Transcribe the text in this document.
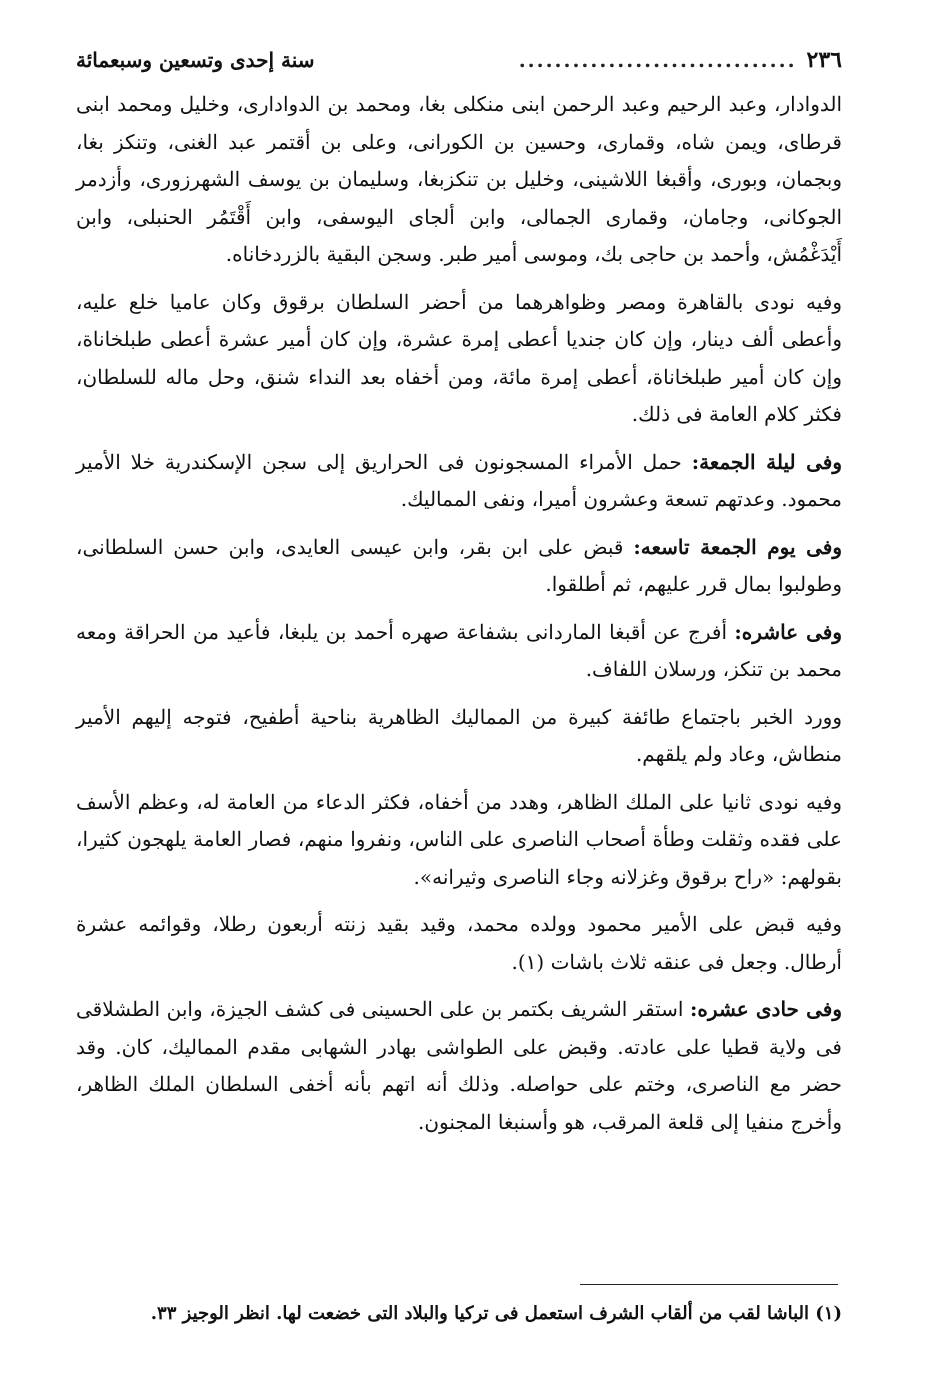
٢٣٦
...............................
سنة إحدى وتسعين وسبعمائة

الدوادار، وعبد الرحيم وعبد الرحمن ابنى منكلى بغا، ومحمد بن الدواداری، وخليل ومحمد ابنى قرطاى، ويمن شاه، وقمارى، وحسين بن الكورانى، وعلى بن أقتمر عبد الغنى، وتنكز بغا، وبجمان، وبورى، وأقبغا اللاشينى، وخليل بن تنكزبغا، وسليمان بن يوسف الشهرزورى، وأزدمر الجوكانى، وجامان، وقمارى الجمالى، وابن ألجاى اليوسفى، وابن أَقْتَمُر الحنبلى، وابن أَيْدَغْمُش، وأحمد بن حاجى بك، وموسى أمير طبر. وسجن البقية بالزردخاناه.

وفيه نودى بالقاهرة ومصر وظواهرهما من أحضر السلطان برقوق وكان عاميا خلع عليه، وأعطى ألف دينار، وإن كان جنديا أعطى إمرة عشرة، وإن كان أمير عشرة أعطى طبلخاناة، وإن كان أمير طبلخاناة، أعطى إمرة مائة، ومن أخفاه بعد النداء شنق، وحل ماله للسلطان، فكثر كلام العامة فى ذلك.

وفى ليلة الجمعة: حمل الأمراء المسجونون فى الحراريق إلى سجن الإسكندرية خلا الأمير محمود. وعدتهم تسعة وعشرون أميرا، ونفى المماليك.

وفى يوم الجمعة تاسعه: قبض على ابن بقر، وابن عيسى العايدى، وابن حسن السلطانى، وطولبوا بمال قرر عليهم، ثم أطلقوا.

وفى عاشره: أفرج عن أقبغا الماردانى بشفاعة صهره أحمد بن يلبغا، فأعيد من الحراقة ومعه محمد بن تنكز، ورسلان اللفاف.

وورد الخبر باجتماع طائفة كبيرة من المماليك الظاهرية بناحية أطفيح، فتوجه إليهم الأمير منطاش، وعاد ولم يلقهم.

وفيه نودى ثانيا على الملك الظاهر، وهدد من أخفاه، فكثر الدعاء من العامة له، وعظم الأسف على فقده وثقلت وطأة أصحاب الناصرى على الناس، ونفروا منهم، فصار العامة يلهجون كثيرا، بقولهم: «راح برقوق وغزلانه وجاء الناصرى وثيرانه».

وفيه قبض على الأمير محمود وولده محمد، وقيد بقيد زنته أربعون رطلا، وقوائمه عشرة أرطال. وجعل فى عنقه ثلاث باشات (١).

وفى حادى عشره: استقر الشريف بكتمر بن على الحسينى فى كشف الجيزة، وابن الطشلاقى فى ولاية قطيا على عادته. وقبض على الطواشى بهادر الشهابى مقدم المماليك، كان. وقد حضر مع الناصرى، وختم على حواصله. وذلك أنه اتهم بأنه أخفى السلطان الملك الظاهر، وأخرج منفيا إلى قلعة المرقب، هو وأسنبغا المجنون.

(١) الباشا لقب من ألقاب الشرف استعمل فى تركيا والبلاد التى خضعت لها. انظر الوجيز ٣٣.
